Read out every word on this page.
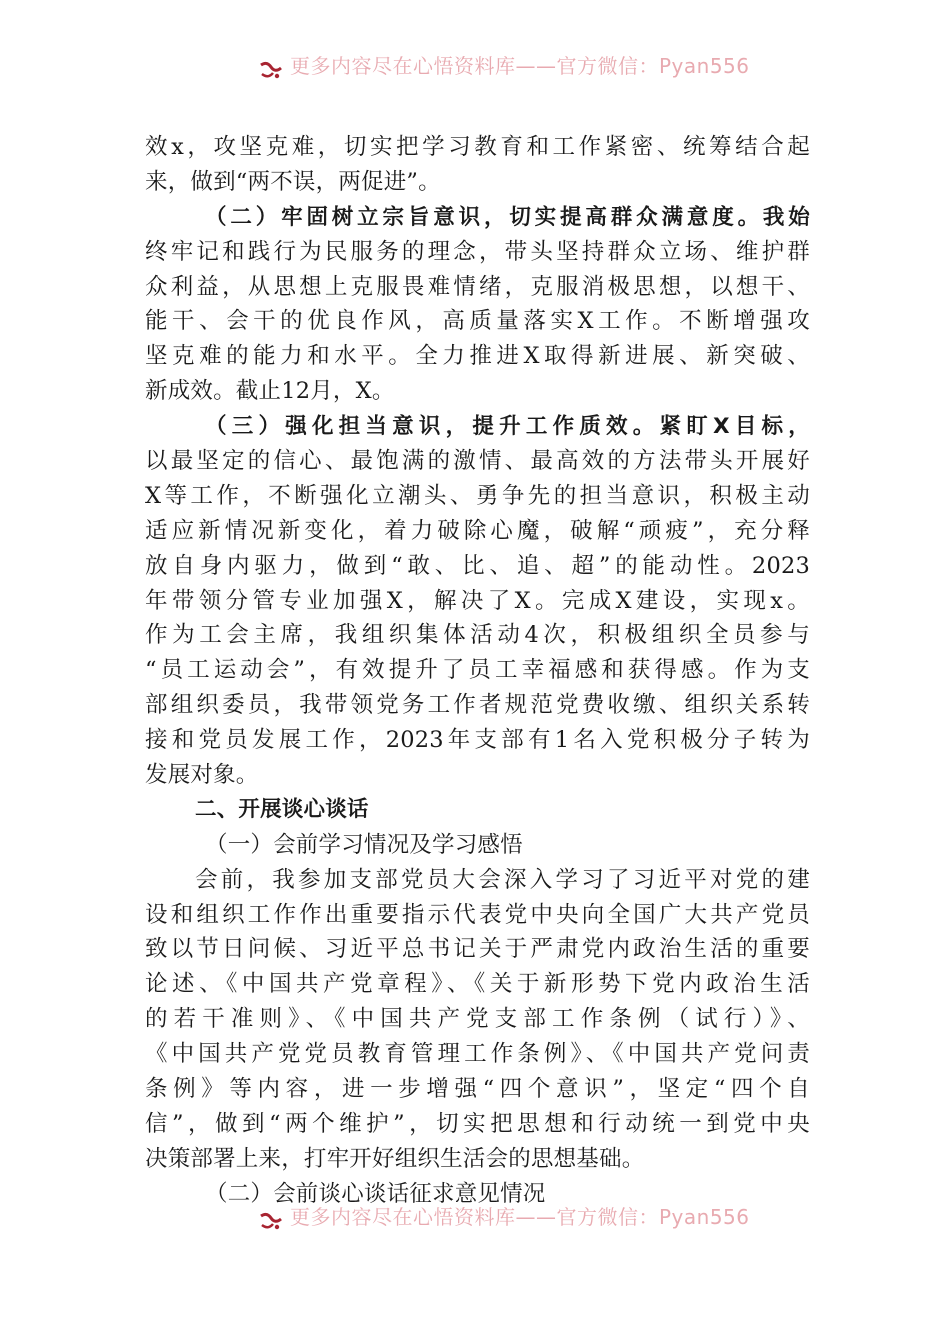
更多内容尽在心悟资料库——官方微信：Pyan556
效x，攻坚克难，切实把学习教育和工作紧密、统筹结合起
来，做到“两不误，两促进”。
（二）牢固树立宗旨意识，切实提高群众满意度。我始
终牢记和践行为民服务的理念，带头坚持群众立场、维护群
众利益，从思想上克服畏难情绪，克服消极思想，以想干、
能干、会干的优良作风，高质量落实X工作。不断增强攻
坚克难的能力和水平。全力推进X取得新进展、新突破、
新成效。截止12月，X。
（三）强化担当意识，提升工作质效。紧盯X目标，
以最坚定的信心、最饱满的激情、最高效的方法带头开展好
X等工作，不断强化立潮头、勇争先的担当意识，积极主动
适应新情况新变化，着力破除心魔，破解“顽疲”，充分释
放自身内驱力，做到“敢、比、追、超”的能动性。2023
年带领分管专业加强X，解决了X。完成X建设，实现x。
作为工会主席，我组织集体活动4次，积极组织全员参与
“员工运动会”，有效提升了员工幸福感和获得感。作为支
部组织委员，我带领党务工作者规范党费收缴、组织关系转
接和党员发展工作，2023年支部有1名入党积极分子转为
发展对象。
二、开展谈心谈话
（一）会前学习情况及学习感悟
会前，我参加支部党员大会深入学习了习近平对党的建
设和组织工作作出重要指示代表党中央向全国广大共产党员
致以节日问候、习近平总书记关于严肃党内政治生活的重要
论述、《中国共产党章程》、《关于新形势下党内政治生活
的若干准则》、《中国共产党支部工作条例（试行）》、
《中国共产党党员教育管理工作条例》、《中国共产党问责
条例》等内容，进一步增强“四个意识”，坚定“四个自
信”，做到“两个维护”，切实把思想和行动统一到党中央
决策部署上来，打牢开好组织生活会的思想基础。
（二）会前谈心谈话征求意见情况
更多内容尽在心悟资料库——官方微信：Pyan556
